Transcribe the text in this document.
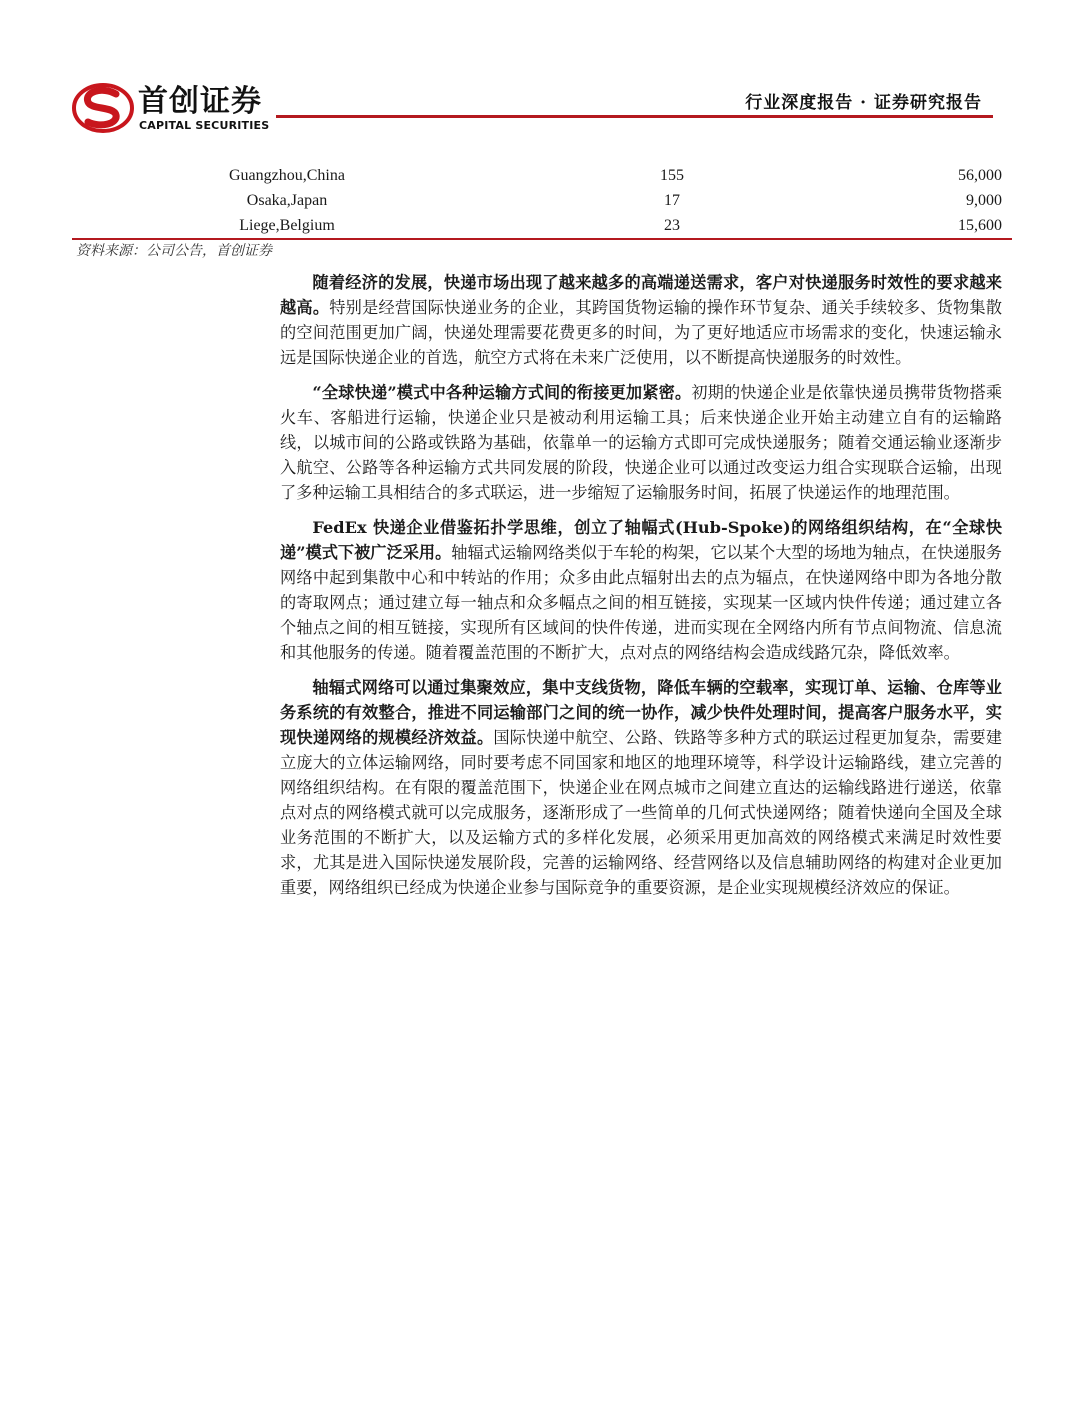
首创证券
CAPITAL SECURITIES
行业深度报告 · 证券研究报告
Guangzhou,China	155	56,000
Osaka,Japan	17	9,000
Liege,Belgium	23	15,600
资料来源：公司公告，首创证券

随着经济的发展，快递市场出现了越来越多的高端递送需求，客户对快递服务时效性的要求越来越高。特别是经营国际快递业务的企业，其跨国货物运输的操作环节复杂、通关手续较多、货物集散的空间范围更加广阔，快递处理需要花费更多的时间，为了更好地适应市场需求的变化，快速运输永远是国际快递企业的首选，航空方式将在未来广泛使用，以不断提高快递服务的时效性。

“全球快递”模式中各种运输方式间的衔接更加紧密。初期的快递企业是依靠快递员携带货物搭乘火车、客船进行运输，快递企业只是被动利用运输工具；后来快递企业开始主动建立自有的运输路线，以城市间的公路或铁路为基础，依靠单一的运输方式即可完成快递服务；随着交通运输业逐渐步入航空、公路等各种运输方式共同发展的阶段，快递企业可以通过改变运力组合实现联合运输，出现了多种运输工具相结合的多式联运，进一步缩短了运输服务时间，拓展了快递运作的地理范围。

FedEx 快递企业借鉴拓扑学思维，创立了轴幅式(Hub-Spoke)的网络组织结构，在“全球快递”模式下被广泛采用。轴辐式运输网络类似于车轮的构架，它以某个大型的场地为轴点，在快递服务网络中起到集散中心和中转站的作用；众多由此点辐射出去的点为辐点，在快递网络中即为各地分散的寄取网点；通过建立每一轴点和众多幅点之间的相互链接，实现某一区域内快件传递；通过建立各个轴点之间的相互链接，实现所有区域间的快件传递，进而实现在全网络内所有节点间物流、信息流和其他服务的传递。随着覆盖范围的不断扩大，点对点的网络结构会造成线路冗杂，降低效率。

轴辐式网络可以通过集聚效应，集中支线货物，降低车辆的空载率，实现订单、运输、仓库等业务系统的有效整合，推进不同运输部门之间的统一协作，减少快件处理时间，提高客户服务水平，实现快递网络的规模经济效益。国际快递中航空、公路、铁路等多种方式的联运过程更加复杂，需要建立庞大的立体运输网络，同时要考虑不同国家和地区的地理环境等，科学设计运输路线，建立完善的网络组织结构。在有限的覆盖范围下，快递企业在网点城市之间建立直达的运输线路进行递送，依靠点对点的网络模式就可以完成服务，逐渐形成了一些简单的几何式快递网络；随着快递向全国及全球业务范围的不断扩大，以及运输方式的多样化发展，必须采用更加高效的网络模式来满足时效性要求，尤其是进入国际快递发展阶段，完善的运输网络、经营网络以及信息辅助网络的构建对企业更加重要，网络组织已经成为快递企业参与国际竞争的重要资源，是企业实现规模经济效应的保证。
